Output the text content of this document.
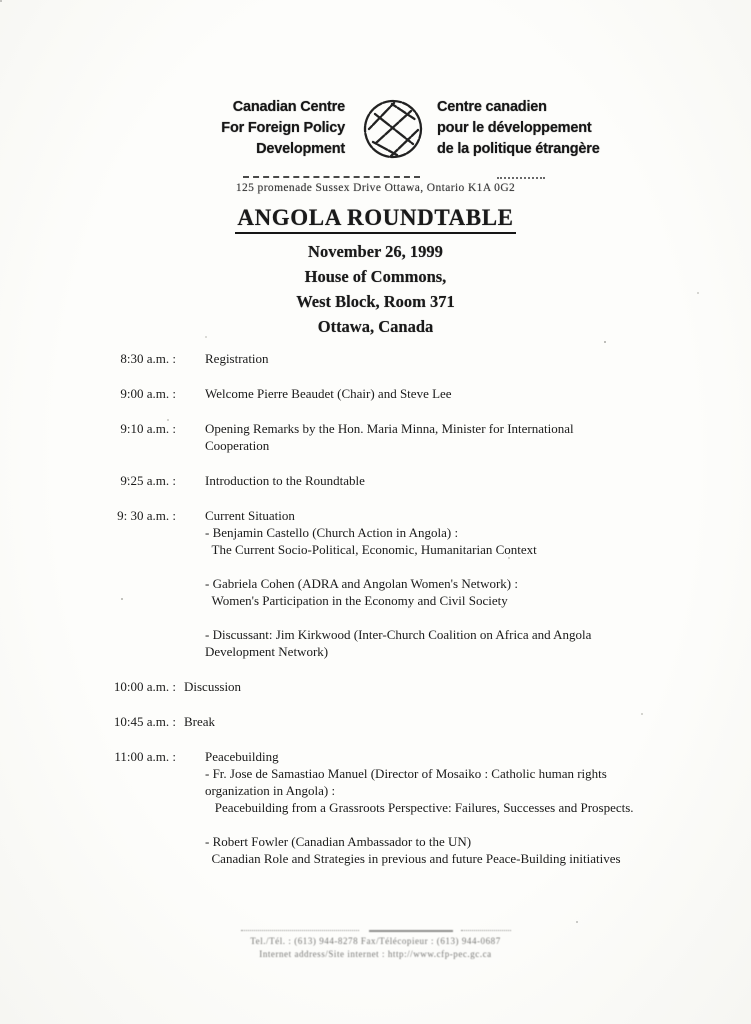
Canadian Centre
For Foreign Policy
Development
Centre canadien
pour le développement
de la politique étrangère
125 promenade Sussex Drive Ottawa, Ontario K1A 0G2
ANGOLA ROUNDTABLE
November 26, 1999
House of Commons,
West Block, Room 371
Ottawa, Canada
8:30 a.m. : Registration
9:00 a.m. : Welcome Pierre Beaudet (Chair) and Steve Lee
9:10 a.m. : Opening Remarks by the Hon. Maria Minna, Minister for International
Cooperation
9:25 a.m. : Introduction to the Roundtable
9: 30 a.m. : Current Situation
- Benjamin Castello (Church Action in Angola) :
The Current Socio-Political, Economic, Humanitarian Context
- Gabriela Cohen (ADRA and Angolan Women's Network) :
Women's Participation in the Economy and Civil Society
- Discussant: Jim Kirkwood (Inter-Church Coalition on Africa and Angola
Development Network)
10:00 a.m. : Discussion
10:45 a.m. : Break
11:00 a.m. : Peacebuilding
- Fr. Jose de Samastiao Manuel (Director of Mosaiko : Catholic human rights
organization in Angola) :
Peacebuilding from a Grassroots Perspective: Failures, Successes and Prospects.
- Robert Fowler (Canadian Ambassador to the UN)
Canadian Role and Strategies in previous and future Peace-Building initiatives
Tel./Tél. : (613) 944-8278 Fax/Télécopieur : (613) 944-0687
Internet address/Site internet : http://www.cfp-pec.gc.ca
